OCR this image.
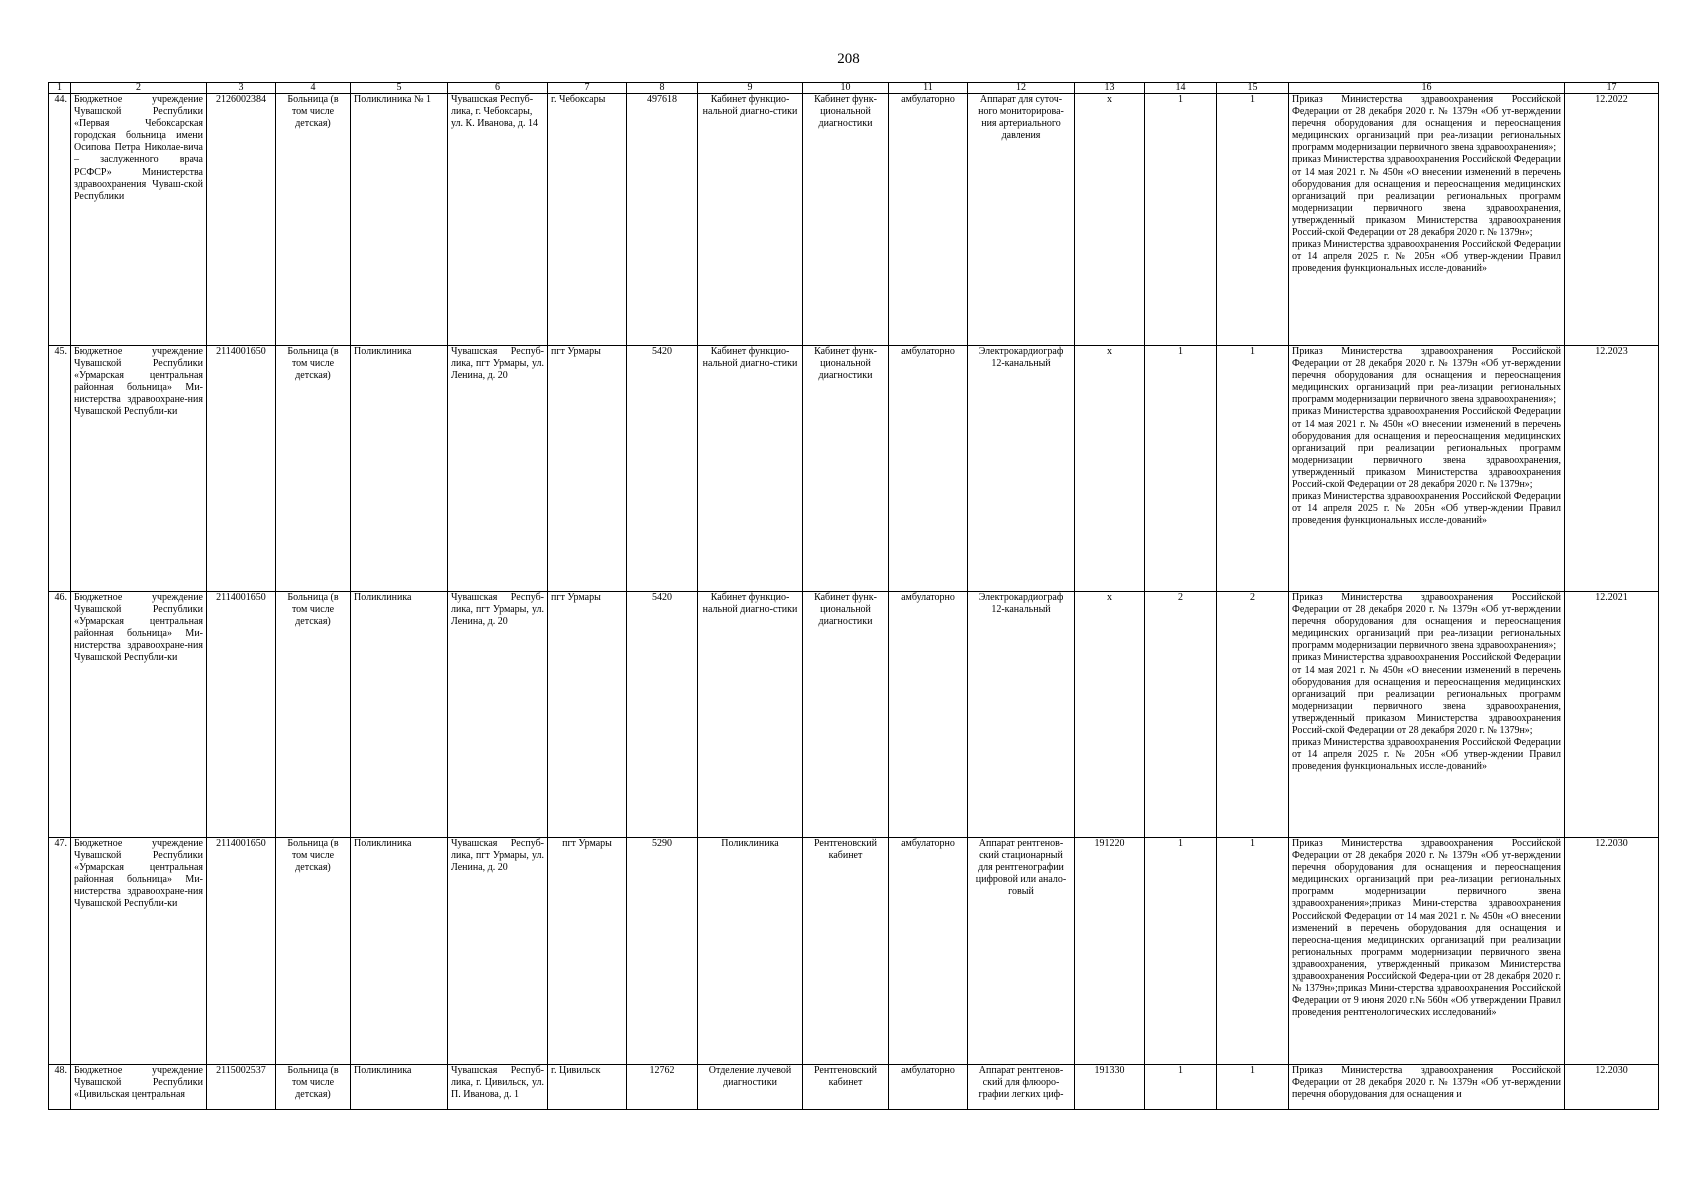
208
1	2	3	4	5	6	7	8	9	10	11	12	13	14	15	16	17
44.	Бюджетное учреждение Чувашской Республики «Первая Чебоксарская городская больница имени Осипова Петра Николае-вича – заслуженного врача РСФСР» Министерства здравоохранения Чуваш-ской Республики	2126002384	Больница (в том числе детская)	Поликлиника № 1	Чувашская Респуб-лика, г. Чебоксары, ул. К. Иванова, д. 14	г. Чебоксары	497618	Кабинет функцио-нальной диагно-стики	Кабинет функ-циональной диагностики	амбулаторно	Аппарат для суточ-ного мониторирова-ния артериального давления	х	1	1	Приказ Министерства здравоохранения Российской Федерации от 28 декабря 2020 г. № 1379н «Об ут-верждении перечня оборудования для оснащения и переоснащения медицинских организаций при реа-лизации региональных программ модернизации первичного звена здравоохранения»;
приказ Министерства здравоохранения Российской Федерации от 14 мая 2021 г. № 450н «О внесении изменений в перечень оборудования для оснащения и переоснащения медицинских организаций при реализации региональных программ модернизации первичного звена здравоохранения, утвержденный приказом Министерства здравоохранения Россий-ской Федерации от 28 декабря 2020 г. № 1379н»;
приказ Министерства здравоохранения Российской Федерации от 14 апреля 2025 г. № 205н «Об утвер-ждении Правил проведения функциональных иссле-дований»	12.2022
45.	Бюджетное учреждение Чувашской Республики «Урмарская центральная районная больница» Ми-нистерства здравоохране-ния Чувашской Республи-ки	2114001650	Больница (в том числе детская)	Поликлиника	Чувашская Респуб-лика, пгт Урмары, ул. Ленина, д. 20	пгт Урмары	5420	Кабинет функцио-нальной диагно-стики	Кабинет функ-циональной диагностики	амбулаторно	Электрокардиограф 12-канальный	х	1	1	Приказ Министерства здравоохранения Российской Федерации от 28 декабря 2020 г. № 1379н «Об ут-верждении перечня оборудования для оснащения и переоснащения медицинских организаций при реа-лизации региональных программ модернизации первичного звена здравоохранения»;
приказ Министерства здравоохранения Российской Федерации от 14 мая 2021 г. № 450н «О внесении изменений в перечень оборудования для оснащения и переоснащения медицинских организаций при реализации региональных программ модернизации первичного звена здравоохранения, утвержденный приказом Министерства здравоохранения Россий-ской Федерации от 28 декабря 2020 г. № 1379н»;
приказ Министерства здравоохранения Российской Федерации от 14 апреля 2025 г. № 205н «Об утвер-ждении Правил проведения функциональных иссле-дований»	12.2023
46.	Бюджетное учреждение Чувашской Республики «Урмарская центральная районная больница» Ми-нистерства здравоохране-ния Чувашской Республи-ки	2114001650	Больница (в том числе детская)	Поликлиника	Чувашская Респуб-лика, пгт Урмары, ул. Ленина, д. 20	пгт Урмары	5420	Кабинет функцио-нальной диагно-стики	Кабинет функ-циональной диагностики	амбулаторно	Электрокардиограф 12-канальный	х	2	2	Приказ Министерства здравоохранения Российской Федерации от 28 декабря 2020 г. № 1379н «Об ут-верждении перечня оборудования для оснащения и переоснащения медицинских организаций при реа-лизации региональных программ модернизации первичного звена здравоохранения»;
приказ Министерства здравоохранения Российской Федерации от 14 мая 2021 г. № 450н «О внесении изменений в перечень оборудования для оснащения и переоснащения медицинских организаций при реализации региональных программ модернизации первичного звена здравоохранения, утвержденный приказом Министерства здравоохранения Россий-ской Федерации от 28 декабря 2020 г. № 1379н»;
приказ Министерства здравоохранения Российской Федерации от 14 апреля 2025 г. № 205н «Об утвер-ждении Правил проведения функциональных иссле-дований»	12.2021
47.	Бюджетное учреждение Чувашской Республики «Урмарская центральная районная больница» Ми-нистерства здравоохране-ния Чувашской Республи-ки	2114001650	Больница (в том числе детская)	Поликлиника	Чувашская Респуб-лика, пгт Урмары, ул. Ленина, д. 20	пгт Урмары	5290	Поликлиника	Рентгеновский кабинет	амбулаторно	Аппарат рентгенов-ский стационарный для рентгенографии цифровой или анало-говый	191220	1	1	Приказ Министерства здравоохранения Российской Федерации от 28 декабря 2020 г. № 1379н «Об ут-верждении перечня оборудования для оснащения и переоснащения медицинских организаций при реа-лизации региональных программ модернизации первичного звена здравоохранения»;приказ Мини-стерства здравоохранения Российской Федерации от 14 мая 2021 г. № 450н «О внесении изменений в перечень оборудования для оснащения и переосна-щения медицинских организаций при реализации региональных программ модернизации первичного звена здравоохранения, утвержденный приказом Министерства здравоохранения Российской Федера-ции от 28 декабря 2020 г. № 1379н»;приказ Мини-стерства здравоохранения Российской Федерации от 9 июня 2020 г.№ 560н «Об утверждении Правил проведения рентгенологических исследований»	12.2030
48.	Бюджетное учреждение Чувашской Республики «Цивильская центральная	2115002537	Больница (в том числе детская)	Поликлиника	Чувашская Респуб-лика, г. Цивильск, ул. П. Иванова, д. 1	г. Цивильск	12762	Отделение лучевой диагностики	Рентгеновский кабинет	амбулаторно	Аппарат рентгенов-ский для флюоро-графии легких циф-	191330	1	1	Приказ Министерства здравоохранения Российской Федерации от 28 декабря 2020 г. № 1379н «Об ут-верждении перечня оборудования для оснащения и	12.2030
